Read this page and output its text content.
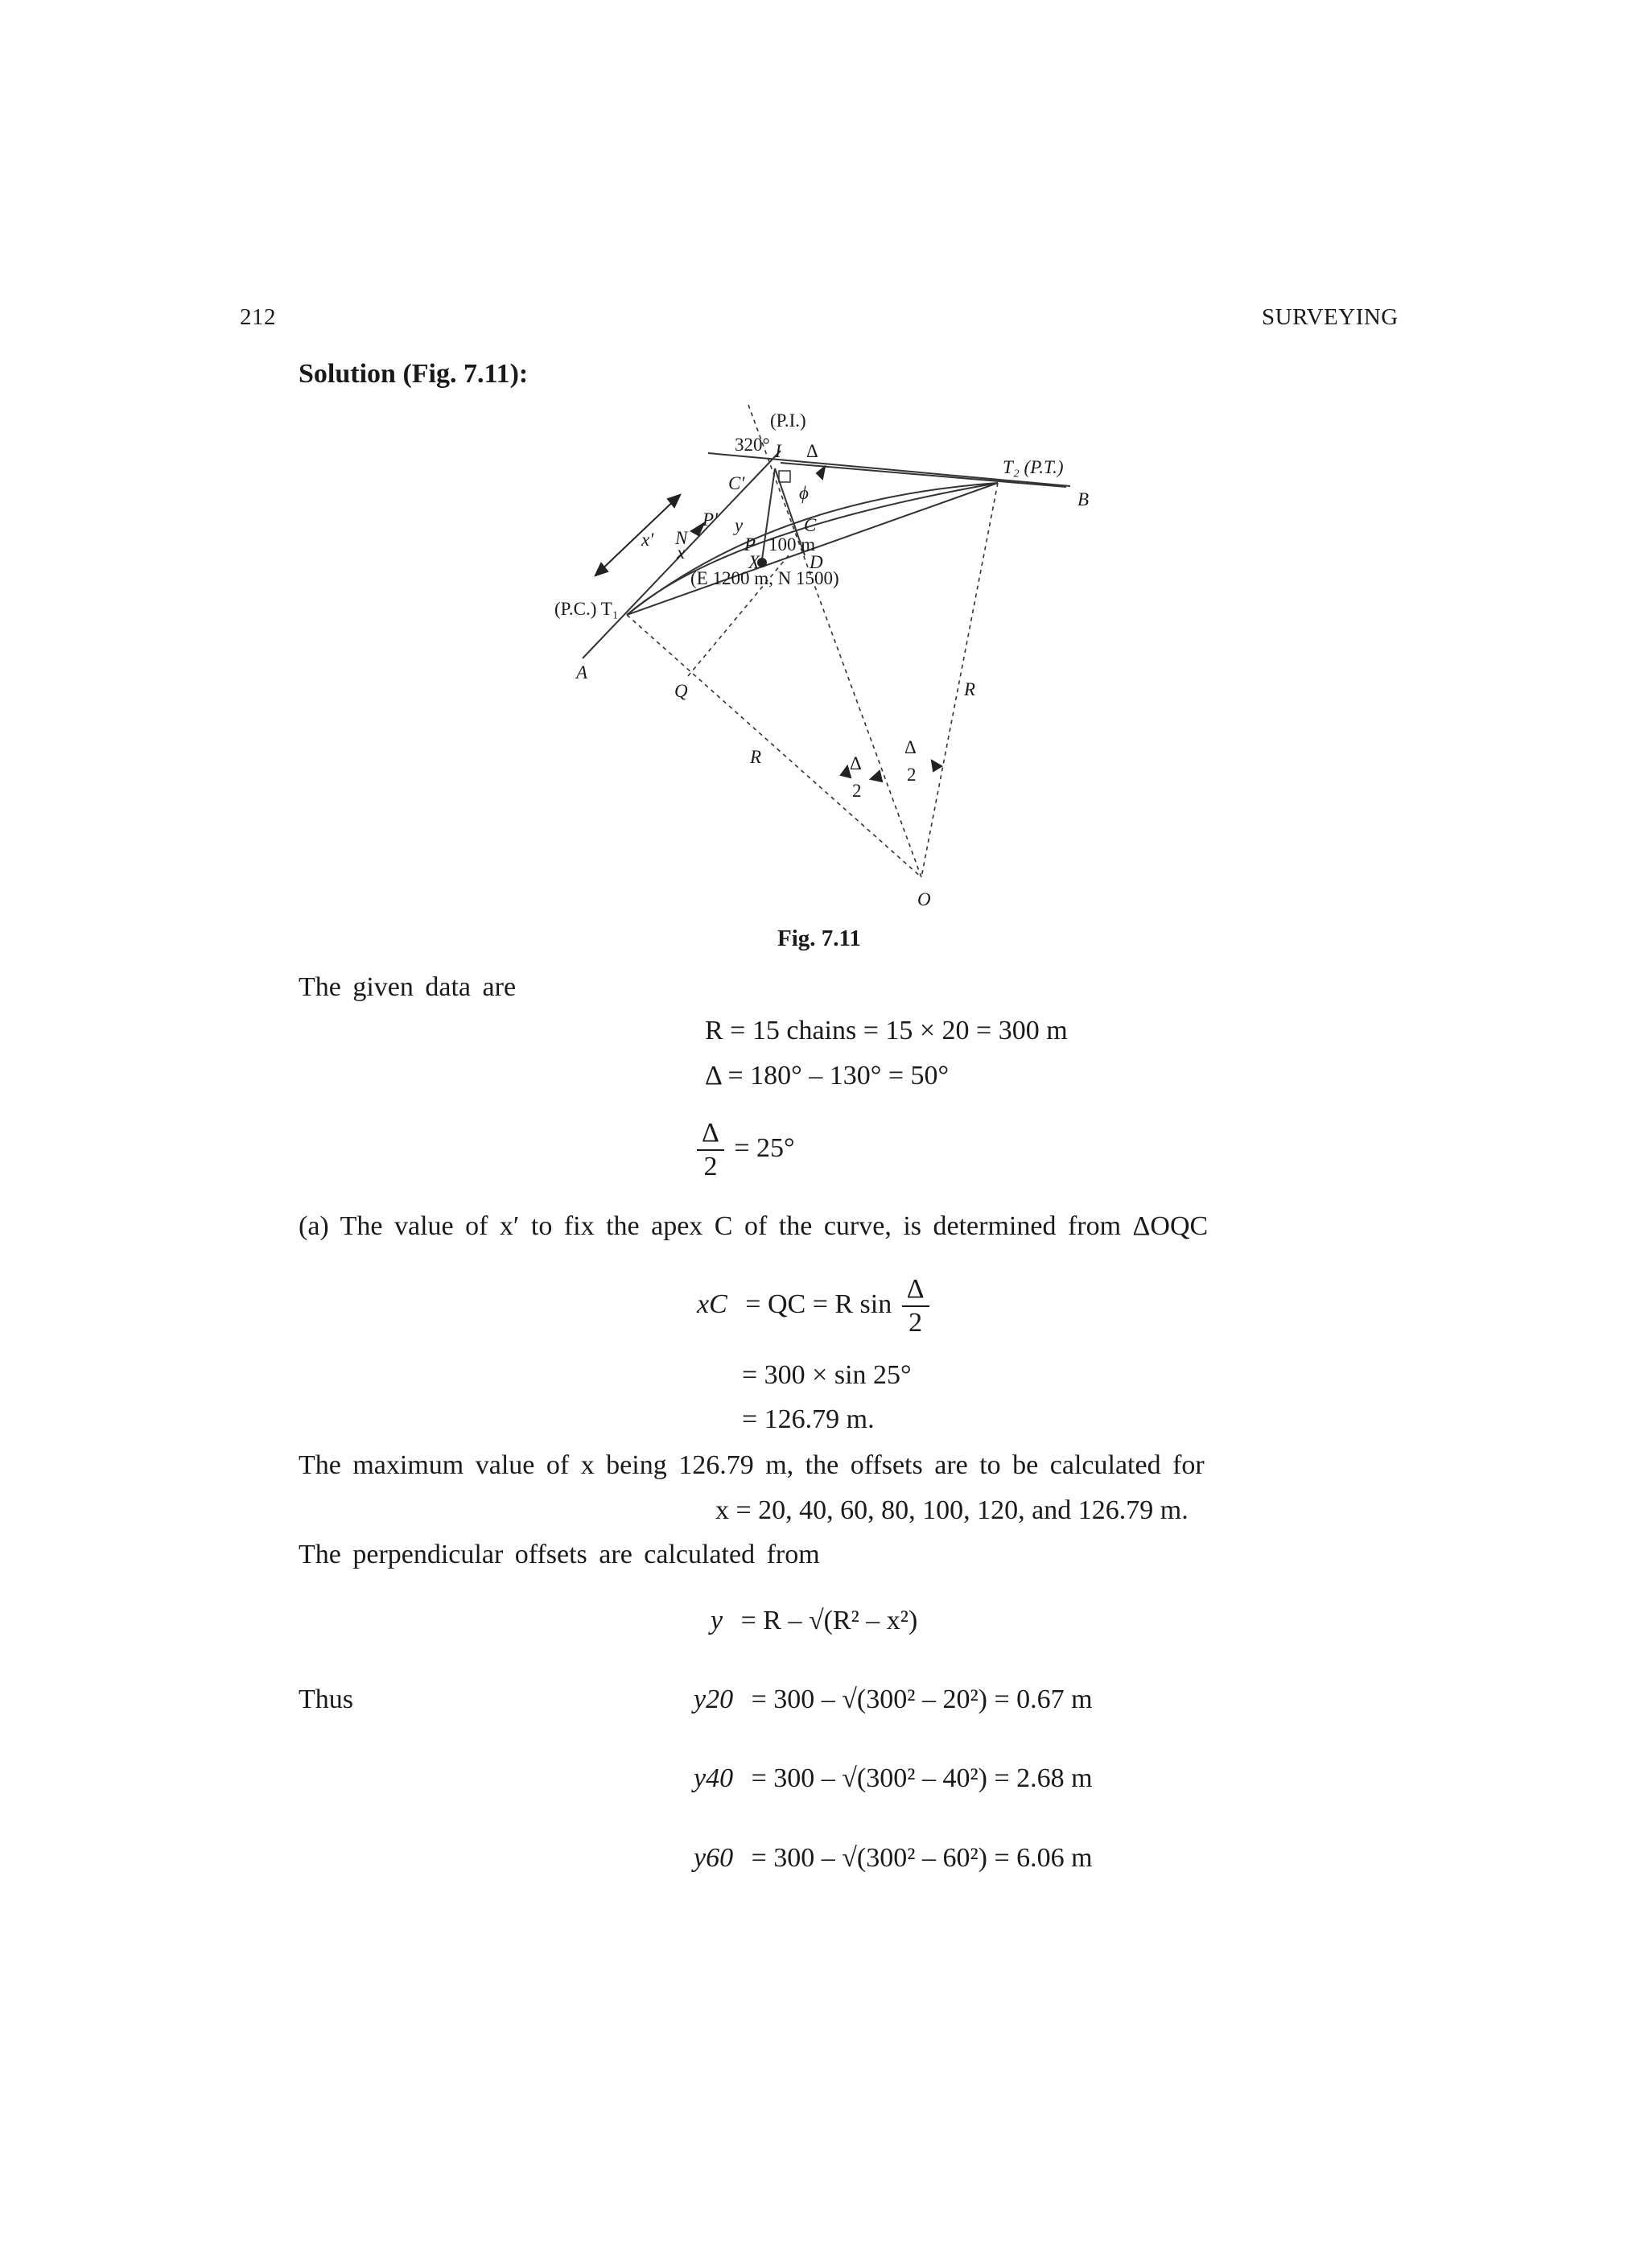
212	SURVEYING
Solution (Fig. 7.11):
(P.I.)
320° I Δ
C′	ϕ
T₂ (P.T.)
B
P′ y	C
N
x
x′	P 100 m
X	D
(E 1200 m, N 1500)
(P.C.) T₁
A
Q
R
R
Δ
2
Δ
2
O
Fig. 7.11
The given data are
R = 15 chains = 15 × 20 = 300 m
Δ = 180° – 130° = 50°
$\frac{\Delta}{2} = 25^\circ$
(a) The value of x′ to fix the apex C of the curve, is determined from ΔOQC
xC = QC = R $\sin \frac{\Delta}{2}$
= 300 × sin 25°
= 126.79 m.
The maximum value of x being 126.79 m, the offsets are to be calculated for
x = 20, 40, 60, 80, 100, 120, and 126.79 m.
The perpendicular offsets are calculated from
y = R – √(R² – x²)
Thus	y20 = 300 – √(300² – 20²) = 0.67 m
y40 = 300 – √(300² – 40²) = 2.68 m
y60 = 300 – √(300² – 60²) = 6.06 m
